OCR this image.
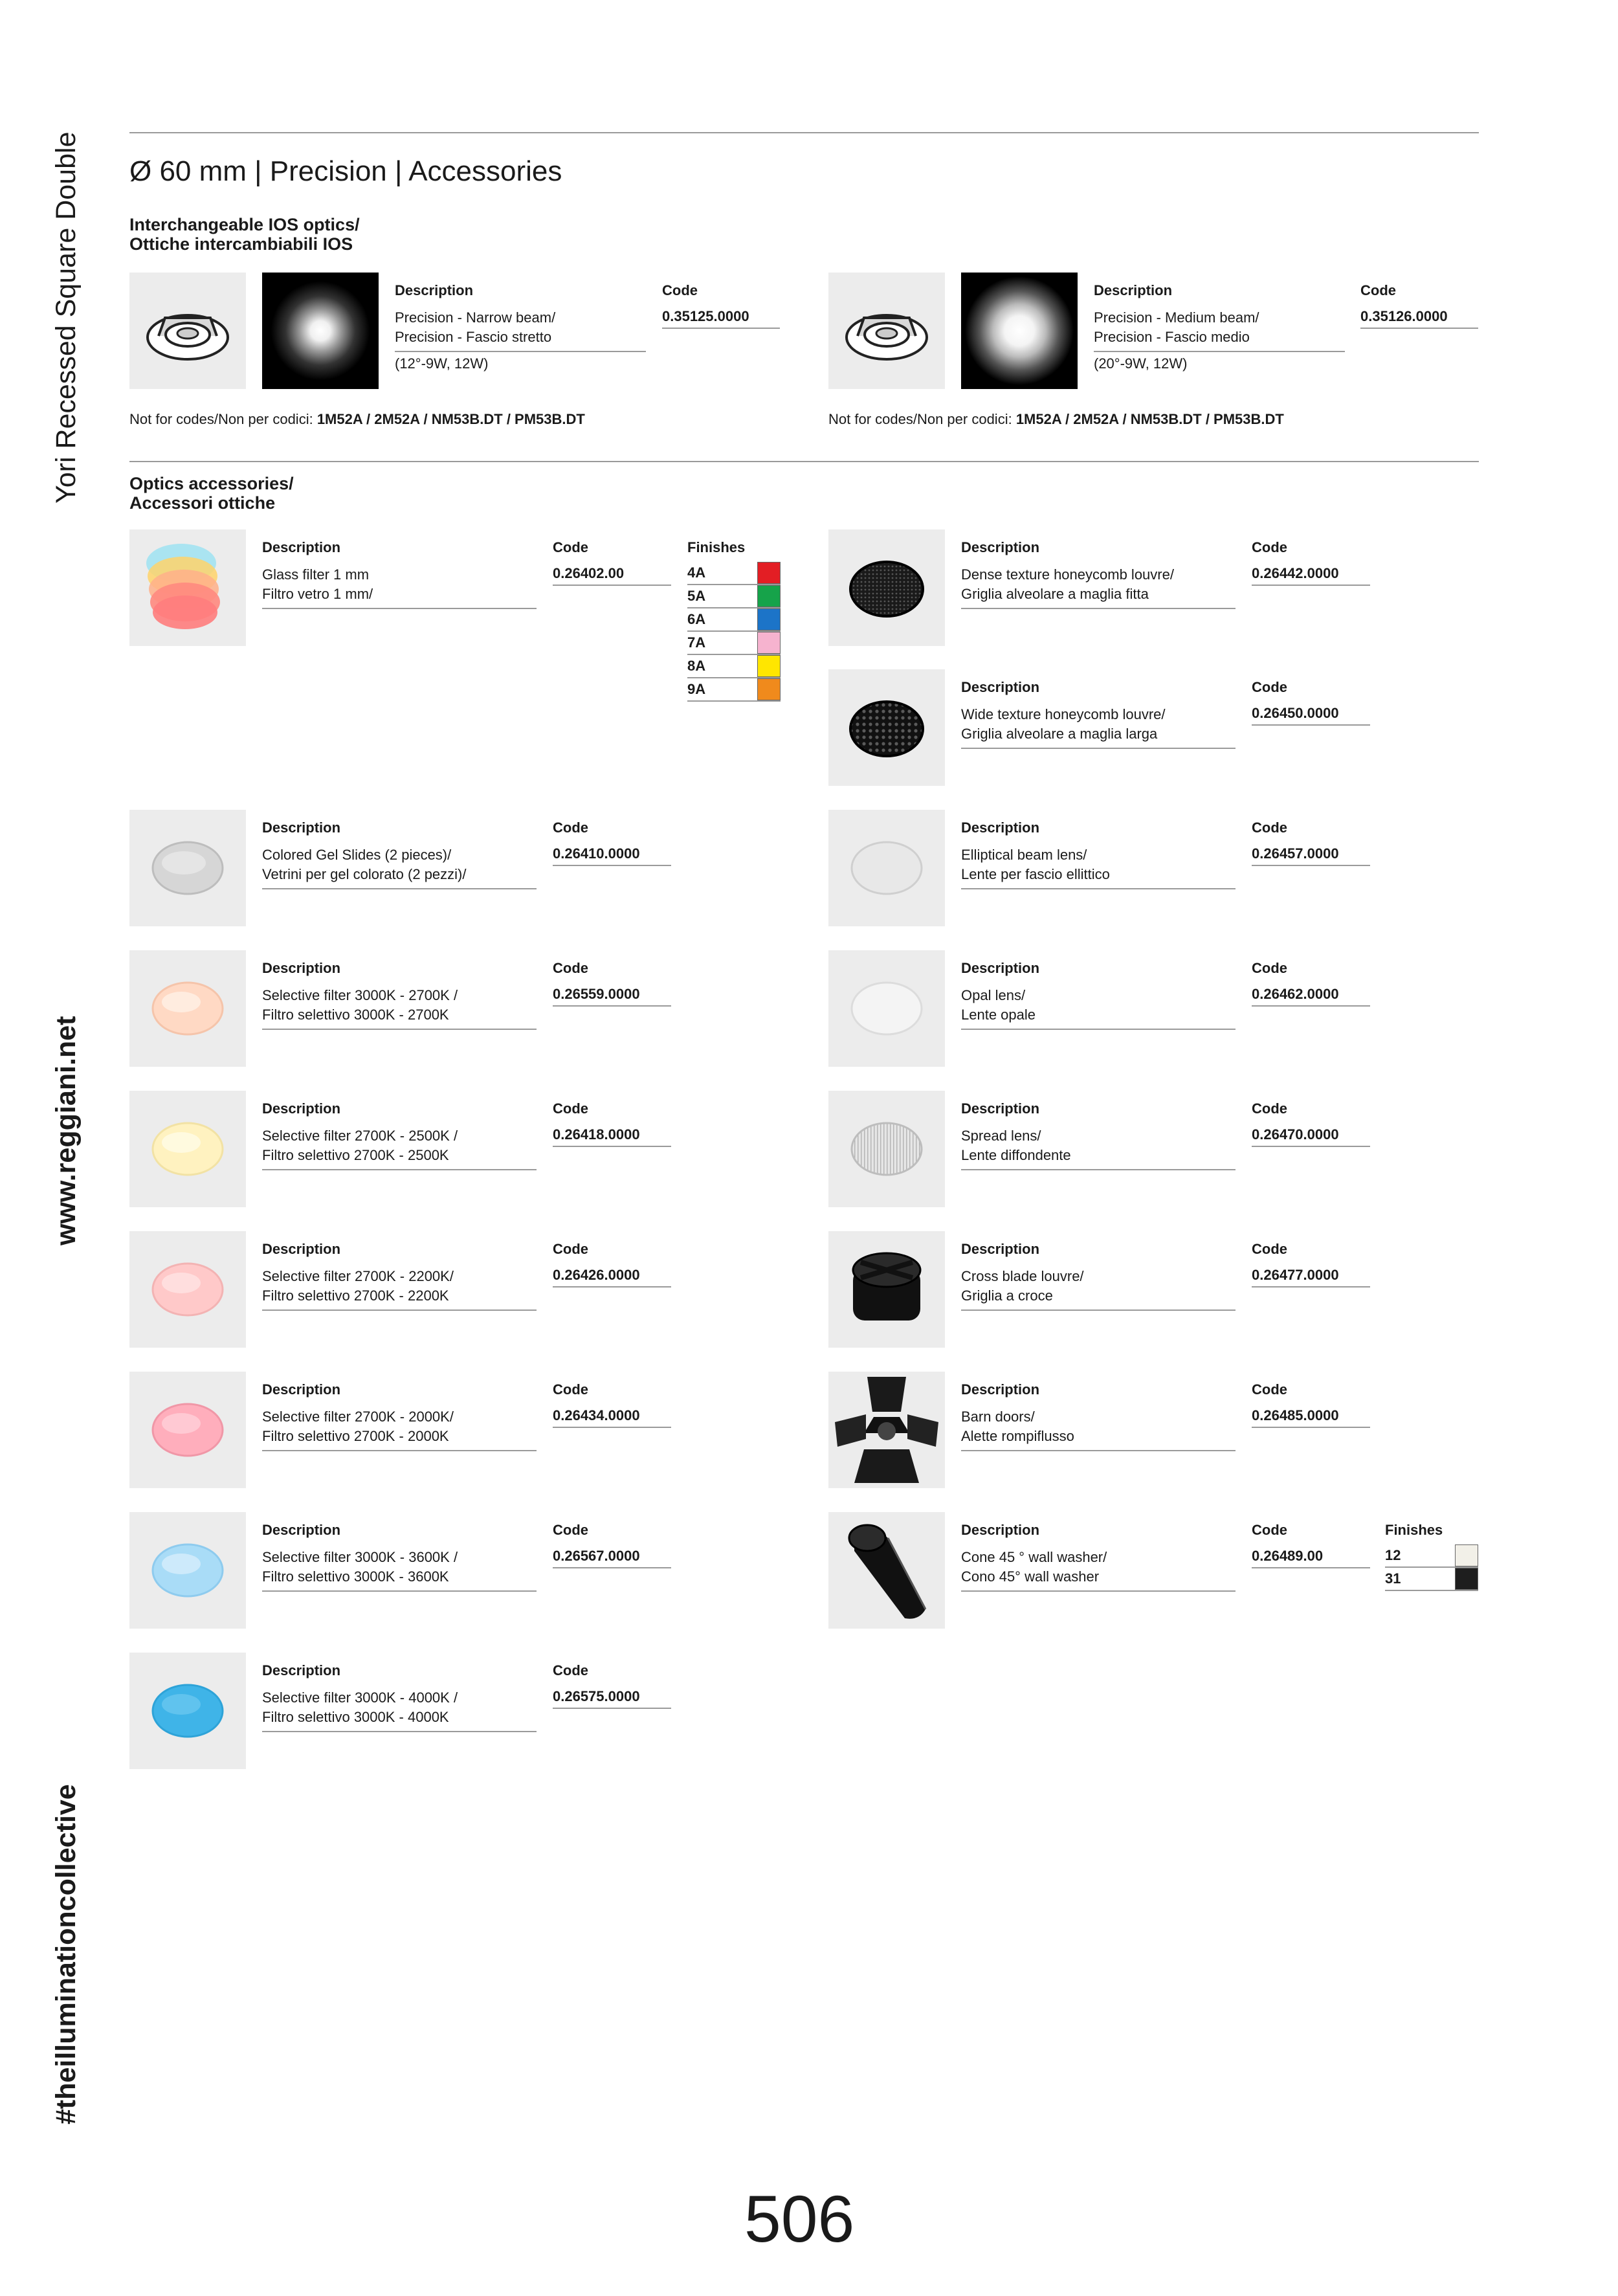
Yori Recessed Square Double
www.reggiani.net
#theilluminationcollective
Ø 60 mm | Precision | Accessories
Interchangeable IOS optics/
Ottiche intercambiabili IOS
Description
Precision - Narrow beam/
Precision - Fascio stretto
(12°-9W, 12W)
Code
0.35125.0000
Not for codes/Non per codici: 1M52A / 2M52A / NM53B.DT / PM53B.DT
Description
Precision - Medium beam/
Precision - Fascio medio
(20°-9W, 12W)
Code
0.35126.0000
Not for codes/Non per codici: 1M52A / 2M52A / NM53B.DT / PM53B.DT
Optics accessories/
Accessori ottiche
Description
Glass filter 1 mm
Filtro vetro 1 mm/
Code
0.26402.00
Finishes
4A
5A
6A
7A
8A
9A
Description
Colored Gel Slides (2 pieces)/
Vetrini per gel colorato (2 pezzi)/
Code
0.26410.0000
Description
Selective filter 3000K - 2700K /
Filtro selettivo 3000K - 2700K
Code
0.26559.0000
Description
Selective filter 2700K - 2500K /
Filtro selettivo 2700K - 2500K
Code
0.26418.0000
Description
Selective filter 2700K - 2200K/
Filtro selettivo 2700K - 2200K
Code
0.26426.0000
Description
Selective filter 2700K - 2000K/
Filtro selettivo 2700K - 2000K
Code
0.26434.0000
Description
Selective filter 3000K - 3600K /
Filtro selettivo 3000K - 3600K
Code
0.26567.0000
Description
Selective filter 3000K - 4000K /
Filtro selettivo 3000K - 4000K
Code
0.26575.0000
Description
Dense texture honeycomb louvre/
Griglia alveolare a maglia fitta
Code
0.26442.0000
Description
Wide texture honeycomb louvre/
Griglia alveolare a maglia larga
Code
0.26450.0000
Description
Elliptical beam lens/
Lente per fascio ellittico
Code
0.26457.0000
Description
Opal lens/
Lente opale
Code
0.26462.0000
Description
Spread lens/
Lente diffondente
Code
0.26470.0000
Description
Cross blade louvre/
Griglia a croce
Code
0.26477.0000
Description
Barn doors/
Alette rompiflusso
Code
0.26485.0000
Description
Cone 45 ° wall washer/
Cono 45° wall washer
Code
0.26489.00
Finishes
12
31
506
